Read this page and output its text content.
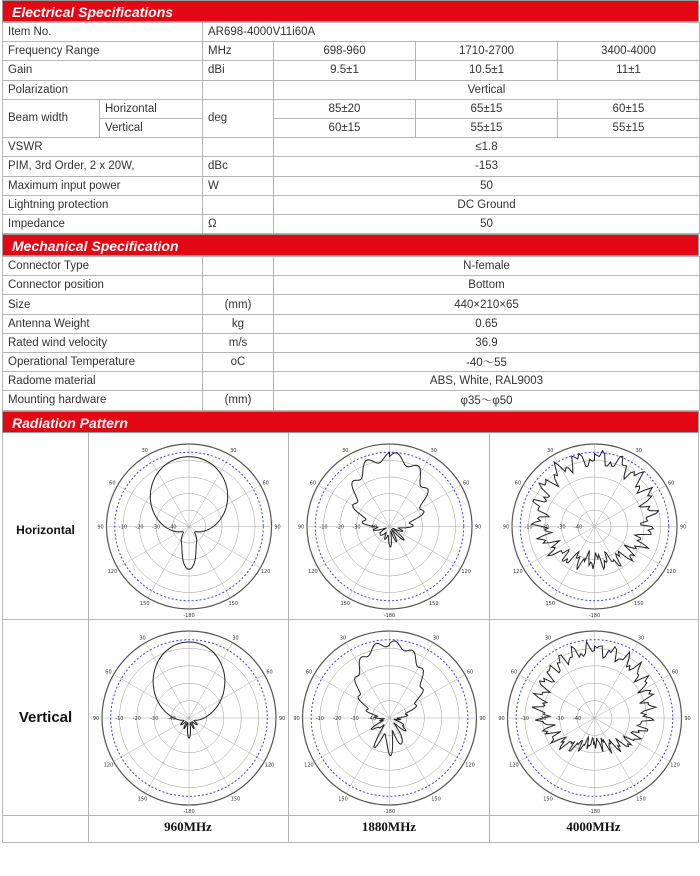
Electrical Specifications
Item No.		AR698-4000V11i60A			
Frequency Range		MHz	698-960	1710-2700	3400-4000
Gain		dBi	9.5±1	10.5±1	11±1
Polarization			Vertical		
Beam width	Horizontal	deg	85±20	65±15	60±15
	Vertical		60±15	55±15	55±15
VSWR			≤1.8		
PIM, 3rd Order, 2 x 20W,		dBc	-153		
Maximum input power		W	50		
Lightning protection			DC Ground		
Impedance		Ω	50		
Mechanical Specification
Connector Type		N-female
Connector position		Bottom
Size	(mm)	440×210×65
Antenna Weight	kg	0.65
Rated wind velocity	m/s	36.9
Operational Temperature	oC	-40～55
Radome material		ABS, White, RAL9003
Mounting hardware	(mm)	φ35～φ50
Radiation Pattern
Horizontal
Vertical
960MHz	1880MHz	4000MHz
30	30
60	60
90	90
120	120
150	150
-180
-10 -20 -30 -40
30	30
60	60
90	90
120	120
150	150
-180
-10 -20 -30 -40
30	30
60	60
90	90
120	120
150	150
-180
-10 -20 -30 -40
30	30
60	60
90	90
120	120
150	150
-180
-10 -20 -30 -40
30	30
60	60
90	90
120	120
150	150
-180
-10 -20 -30 -40
30	30
60	60
90	90
120	120
150	150
-180
-10 -20 -30 -40
